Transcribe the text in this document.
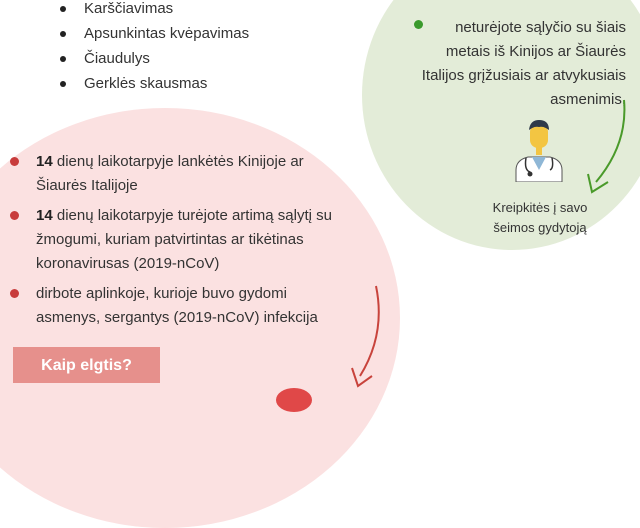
Karščiavimas
Apsunkintas kvėpavimas
Čiaudulys
Gerklės skausmas
neturėjote sąlyčio su šiais metais iš Kinijos ar Šiaurės Italijos grįžusiais ar atvykusiais asmenimis,
Kreipkitės į savo šeimos gydytoją
14 dienų laikotarpyje lankėtės Kinijoje ar Šiaurės Italijoje
14 dienų laikotarpyje turėjote artimą sąlytį su žmogumi, kuriam patvirtintas ar tikėtinas koronavirusas (2019-nCoV)
dirbote aplinkoje, kurioje buvo gydomi asmenys, sergantys (2019-nCoV) infekcija
Kaip elgtis?
